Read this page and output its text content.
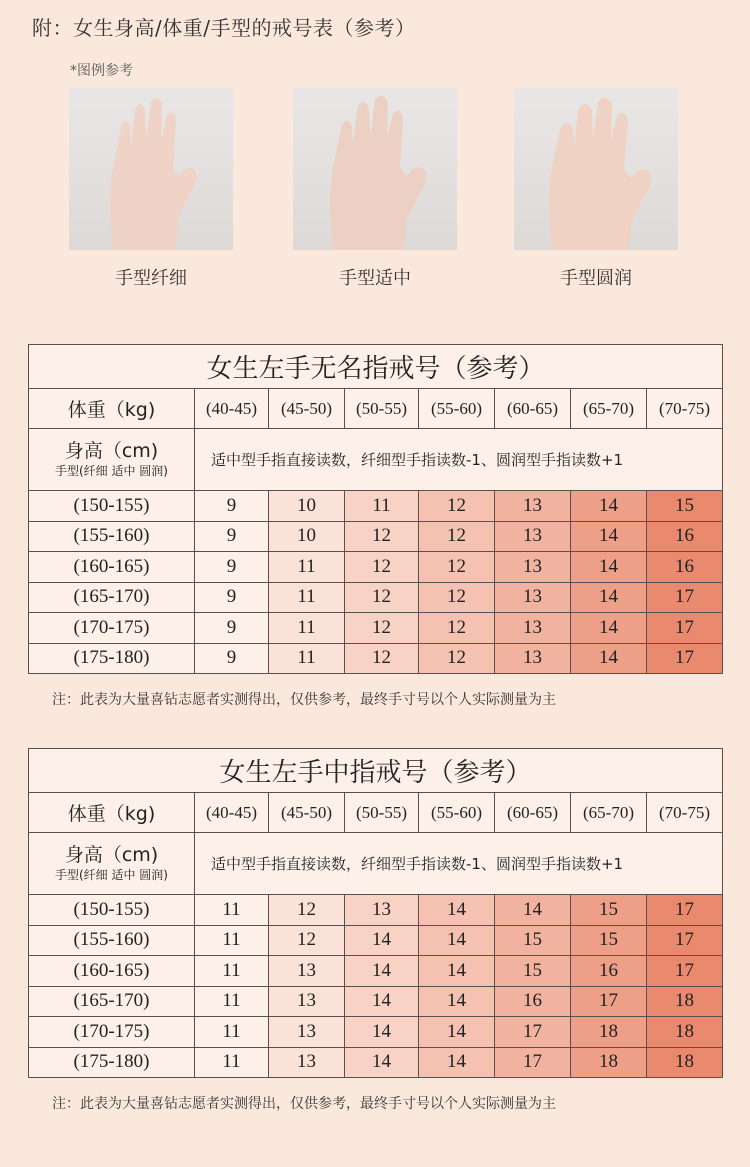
附：女生身高/体重/手型的戒号表（参考）
*图例参考
手型纤细	手型适中	手型圆润
女生左手无名指戒号（参考）							
体重（kg)	(40-45)	(45-50)	(50-55)	(55-60)	(60-65)	(65-70)	(70-75)

身高（cm)
手型(纤细 适中 圆润)	适中型手指直接读数，纤细型手指读数-1、圆润型手指读数+1						
(150-155)	9	10	11	12	13	14	15
(155-160)	9	10	12	12	13	14	16
(160-165)	9	11	12	12	13	14	16
(165-170)	9	11	12	12	13	14	17
(170-175)	9	11	12	12	13	14	17
(175-180)	9	11	12	12	13	14	17
注：此表为大量喜钻志愿者实测得出，仅供参考，最终手寸号以个人实际测量为主
女生左手中指戒号（参考）							
体重（kg)	(40-45)	(45-50)	(50-55)	(55-60)	(60-65)	(65-70)	(70-75)

身高（cm)
手型(纤细 适中 圆润)	适中型手指直接读数，纤细型手指读数-1、圆润型手指读数+1						
(150-155)	11	12	13	14	14	15	17
(155-160)	11	12	14	14	15	15	17
(160-165)	11	13	14	14	15	16	17
(165-170)	11	13	14	14	16	17	18
(170-175)	11	13	14	14	17	18	18
(175-180)	11	13	14	14	17	18	18
注：此表为大量喜钻志愿者实测得出，仅供参考，最终手寸号以个人实际测量为主
